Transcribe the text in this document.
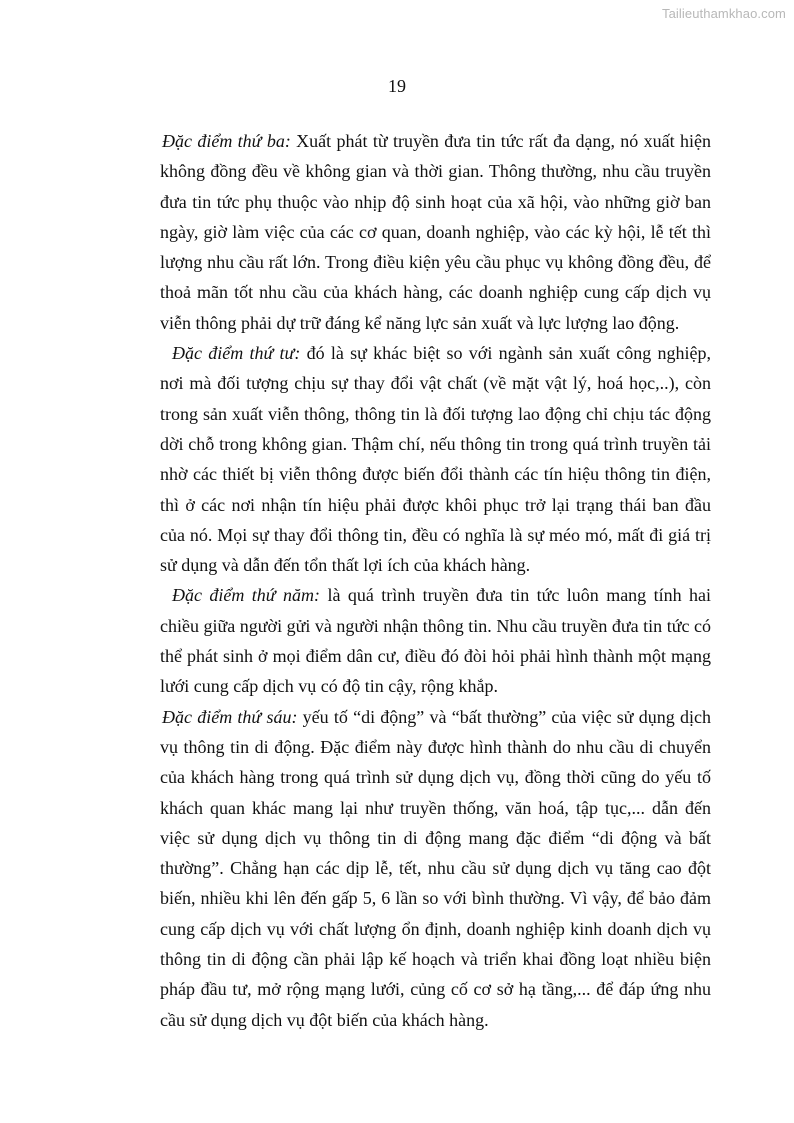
Tailieuthamkhao.com
19

Đặc điểm thứ ba: Xuất phát từ truyền đưa tin tức rất đa dạng, nó xuất hiện không đồng đều về không gian và thời gian. Thông thường, nhu cầu truyền đưa tin tức phụ thuộc vào nhịp độ sinh hoạt của xã hội, vào những giờ ban ngày, giờ làm việc của các cơ quan, doanh nghiệp, vào các kỳ hội, lễ tết thì lượng nhu cầu rất lớn. Trong điều kiện yêu cầu phục vụ không đồng đều, để thoả mãn tốt nhu cầu của khách hàng, các doanh nghiệp cung cấp dịch vụ viễn thông phải dự trữ đáng kể năng lực sản xuất và lực lượng lao động.

Đặc điểm thứ tư: đó là sự khác biệt so với ngành sản xuất công nghiệp, nơi mà đối tượng chịu sự thay đổi vật chất (về mặt vật lý, hoá học,..), còn trong sản xuất viễn thông, thông tin là đối tượng lao động chỉ chịu tác động dời chỗ trong không gian. Thậm chí, nếu thông tin trong quá trình truyền tải nhờ các thiết bị viễn thông được biến đổi thành các tín hiệu thông tin điện, thì ở các nơi nhận tín hiệu phải được khôi phục trở lại trạng thái ban đầu của nó. Mọi sự thay đổi thông tin, đều có nghĩa là sự méo mó, mất đi giá trị sử dụng và dẫn đến tổn thất lợi ích của khách hàng.

Đặc điểm thứ năm: là quá trình truyền đưa tin tức luôn mang tính hai chiều giữa người gửi và người nhận thông tin. Nhu cầu truyền đưa tin tức có thể phát sinh ở mọi điểm dân cư, điều đó đòi hỏi phải hình thành một mạng lưới cung cấp dịch vụ có độ tin cậy, rộng khắp.

Đặc điểm thứ sáu: yếu tố “di động” và “bất thường” của việc sử dụng dịch vụ thông tin di động. Đặc điểm này được hình thành do nhu cầu di chuyển của khách hàng trong quá trình sử dụng dịch vụ, đồng thời cũng do yếu tố khách quan khác mang lại như truyền thống, văn hoá, tập tục,... dẫn đến việc sử dụng dịch vụ thông tin di động mang đặc điểm “di động và bất thường”. Chẳng hạn các dịp lễ, tết, nhu cầu sử dụng dịch vụ tăng cao đột biến, nhiều khi lên đến gấp 5, 6 lần so với bình thường. Vì vậy, để bảo đảm cung cấp dịch vụ với chất lượng ổn định, doanh nghiệp kinh doanh dịch vụ thông tin di động cần phải lập kế hoạch và triển khai đồng loạt nhiều biện pháp đầu tư, mở rộng mạng lưới, củng cố cơ sở hạ tầng,... để đáp ứng nhu cầu sử dụng dịch vụ đột biến của khách hàng.
